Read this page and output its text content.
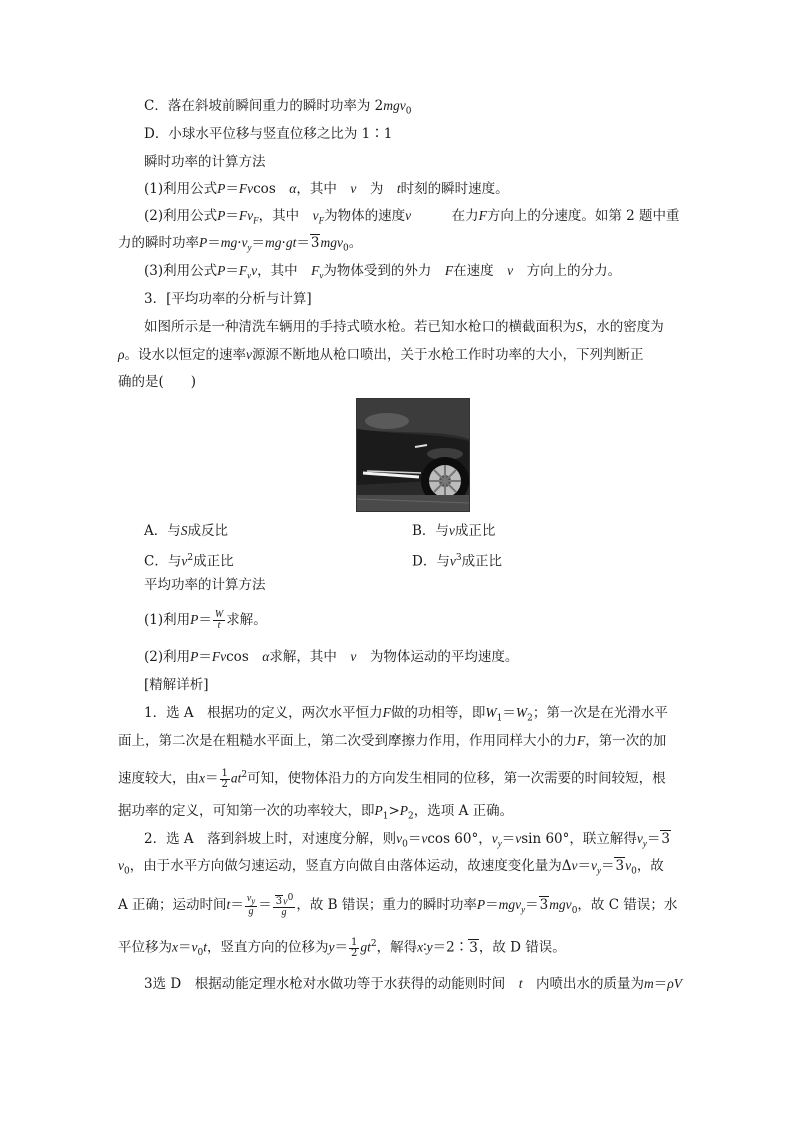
C．落在斜坡前瞬间重力的瞬时功率为 2mgv$_0$
D．小球水平位移与竖直位移之比为 1∶1
瞬时功率的计算方法
(1)利用公式P＝Fvcos　α，其中　 v　 为　 t时刻的瞬时速度。
(2)利用公式$P=Fv_F$，其中　 $v_F$为物体的速度v　　　	在力F方向上的分速度。如第 2 题中重
力的瞬时功率$P=mg\cdot v_y=mg\cdot gt=3mgv_0$。
(3)利用公式$P=F_vv$，其中　 $F_v$为物体受到的外力　 F在速度　 v　 方向上的分力。
3．[平均功率的分析与计算]
如图所示是一种清洗车辆用的手持式喷水枪。若已知水枪口的横截面积为S，水的密度为
ρ。设水以恒定的速率v源源不断地从枪口喷出，关于水枪工作时功率的大小，下列判断正
确的是(　　)
A．与S成反比	B．与v成正比
C．与$v^2$成正比	D．与$v^3$成正比
平均功率的计算方法
(1)利用$P= \frac{W}{t}$ 求解。
(2)利用P＝Fvcos　α求解，其中　 v　 为物体运动的平均速度。
[精解详析]
1．选 A　根据功的定义，两次水平恒力F做的功相等，即$W_1=W_2$；第一次是在光滑水平
面上，第二次是在粗糙水平面上，第二次受到摩擦力作用，作用同样大小的力F，第一次的加
速度较大，由$x= \frac{1}{2} at^2$可知，使物体沿力的方向发生相同的位移，第一次需要的时间较短，根
据功率的定义，可知第一次的功率较大，即$P_1>P_2$，选项 A 正确。
2．选 A　落到斜坡上时，对速度分解，则$v_0=vcos$ 60°，$v_y=vsin$ 60°，联立解得$v_y=3$
$v_0$，由于水平方向做匀速运动，竖直方向做自由落体运动，故速度变化量为$\Delta v=v_y=3v_0$，故
A 正确；运动时间$t= \frac{v_y}{g} = \frac{3v^0}{g}$ ，故 B 错误；重力的瞬时功率P＝mgv$_y$＝3mgv$_0$，故 C 错误；水
平位移为$x=v_0t$，竖直方向的位移为$y= \frac{1}{2} gt^2$，解得x∶y＝2∶3，故 D 错误。
3选 D　根据动能定理水枪对水做功等于水获得的动能则时间　 t　 内喷出水的质量为m＝ρV
